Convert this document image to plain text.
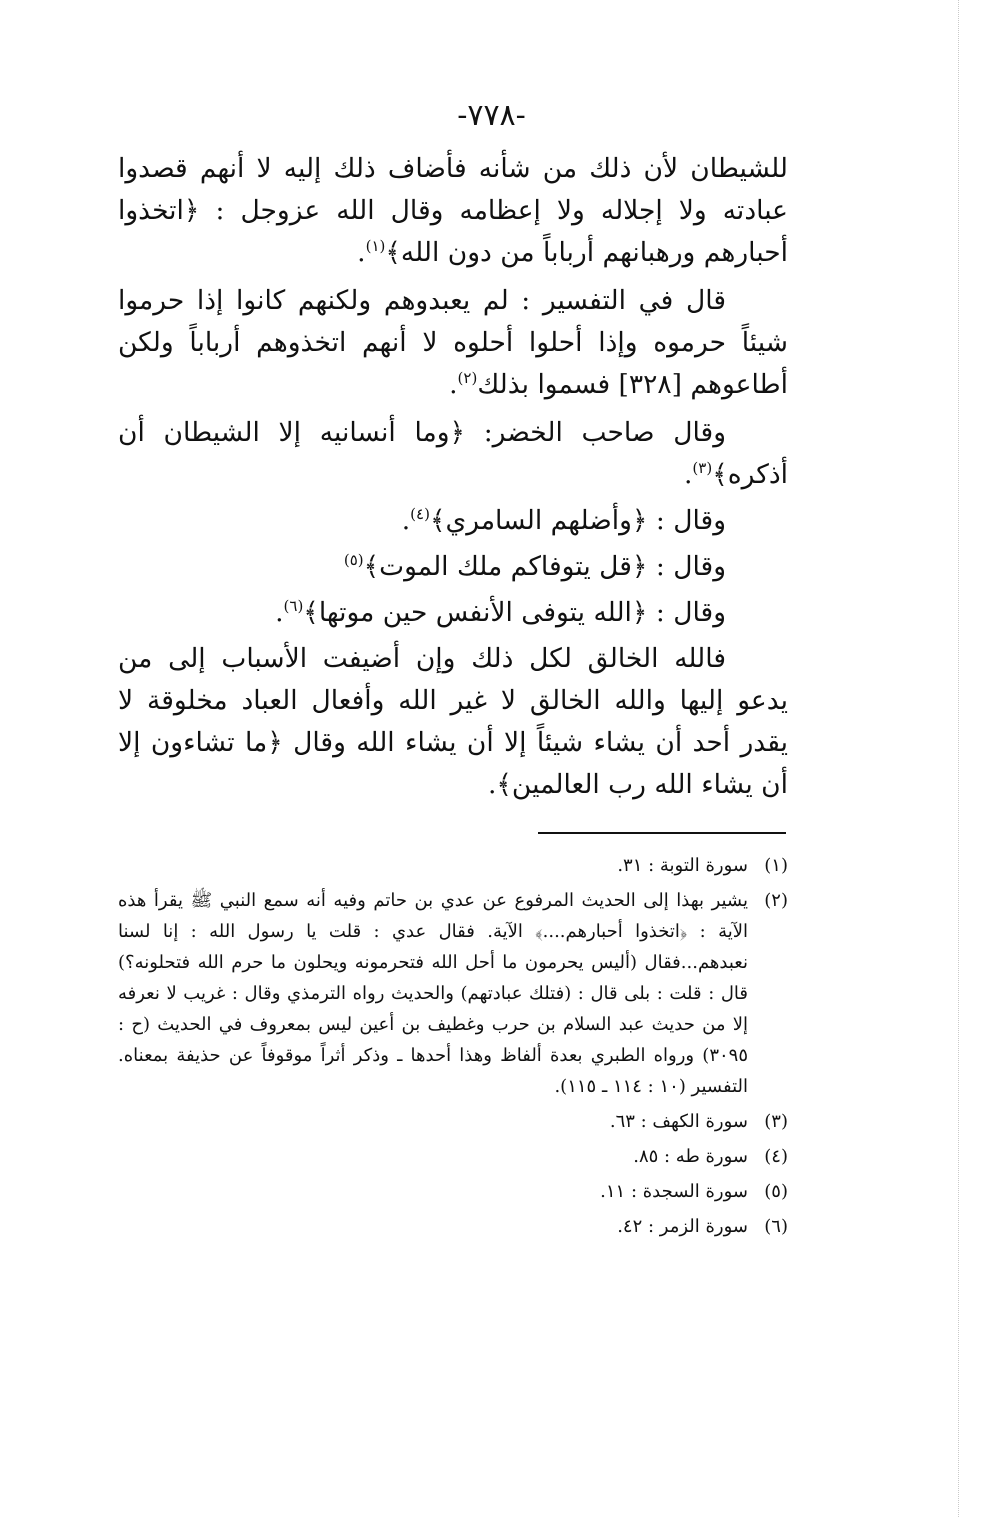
-٧٧٨-

للشيطان لأن ذلك من شأنه فأضاف ذلك إليه لا أنهم قصدوا عبادته ولا إجلاله ولا إعظامه وقال الله عزوجل : ﴿اتخذوا أحبارهم ورهبانهم أرباباً من دون الله﴾$^{(١)}$.

قال في التفسير : لم يعبدوهم ولكنهم كانوا إذا حرموا شيئاً حرموه وإذا أحلوا أحلوه لا أنهم اتخذوهم أرباباً ولكن أطاعوهم [٣٢٨] فسموا بذلك$^{(٢)}$.

وقال صاحب الخضر: ﴿وما أنسانيه إلا الشيطان أن أذكره﴾$^{(٣)}$.

وقال : ﴿وأضلهم السامري﴾$^{(٤)}$.

وقال : ﴿قل يتوفاكم ملك الموت﴾$^{(٥)}$

وقال : ﴿الله يتوفى الأنفس حين موتها﴾$^{(٦)}$.

فالله الخالق لكل ذلك وإن أضيفت الأسباب إلى من يدعو إليها والله الخالق لا غير الله وأفعال العباد مخلوقة لا يقدر أحد أن يشاء شيئاً إلا أن يشاء الله وقال ﴿ما تشاءون إلا أن يشاء الله رب العالمين﴾.

(١)
سورة التوبة : ٣١.
(٢)
يشير بهذا إلى الحديث المرفوع عن عدي بن حاتم وفيه أنه سمع النبي ﷺ يقرأ هذه الآية : ﴿اتخذوا أحبارهم....﴾ الآية. فقال عدي : قلت يا رسول الله : إنا لسنا نعبدهم...فقال (أليس يحرمون ما أحل الله فتحرمونه ويحلون ما حرم الله فتحلونه؟) قال : قلت : بلى قال : (فتلك عبادتهم) والحديث رواه الترمذي وقال : غريب لا نعرفه إلا من حديث عبد السلام بن حرب وغطيف بن أعين ليس بمعروف في الحديث (ح : ٣٠٩٥) ورواه الطبري بعدة ألفاظ وهذا أحدها ـ وذكر أثراً موقوفاً عن حذيفة بمعناه. التفسير (١٠ : ١١٤ ـ ١١٥).
(٣)
سورة الكهف : ٦٣.
(٤)
سورة طه : ٨٥.
(٥)
سورة السجدة : ١١.
(٦)
سورة الزمر : ٤٢.
